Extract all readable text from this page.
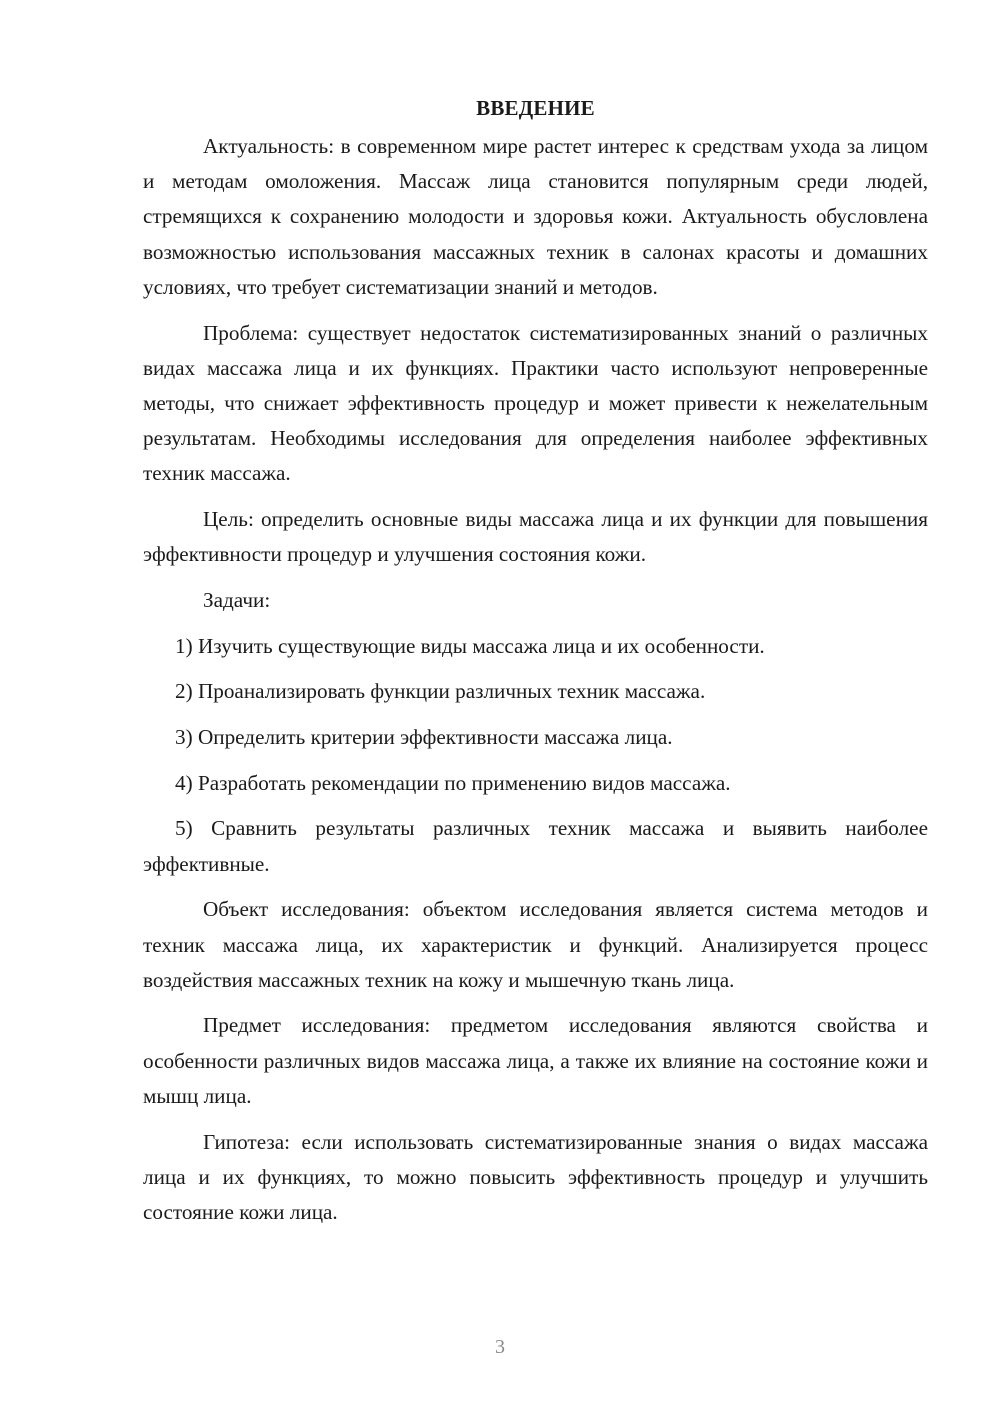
ВВЕДЕНИЕ

Актуальность: в современном мире растет интерес к средствам ухода за лицом и методам омоложения. Массаж лица становится популярным среди людей, стремящихся к сохранению молодости и здоровья кожи. Актуальность обусловлена возможностью использования массажных техник в салонах красоты и домашних условиях, что требует систематизации знаний и методов.

Проблема: существует недостаток систематизированных знаний о различных видах массажа лица и их функциях. Практики часто используют непроверенные методы, что снижает эффективность процедур и может привести к нежелательным результатам. Необходимы исследования для определения наиболее эффективных техник массажа.

Цель: определить основные виды массажа лица и их функции для повышения эффективности процедур и улучшения состояния кожи.

Задачи:

1) Изучить существующие виды массажа лица и их особенности.

2) Проанализировать функции различных техник массажа.

3) Определить критерии эффективности массажа лица.

4) Разработать рекомендации по применению видов массажа.

5) Сравнить результаты различных техник массажа и выявить наиболее эффективные.

Объект исследования: объектом исследования является система методов и техник массажа лица, их характеристик и функций. Анализируется процесс воздействия массажных техник на кожу и мышечную ткань лица.

Предмет исследования: предметом исследования являются свойства и особенности различных видов массажа лица, а также их влияние на состояние кожи и мышц лица.

Гипотеза: если использовать систематизированные знания о видах массажа лица и их функциях, то можно повысить эффективность процедур и улучшить состояние кожи лица.

3
